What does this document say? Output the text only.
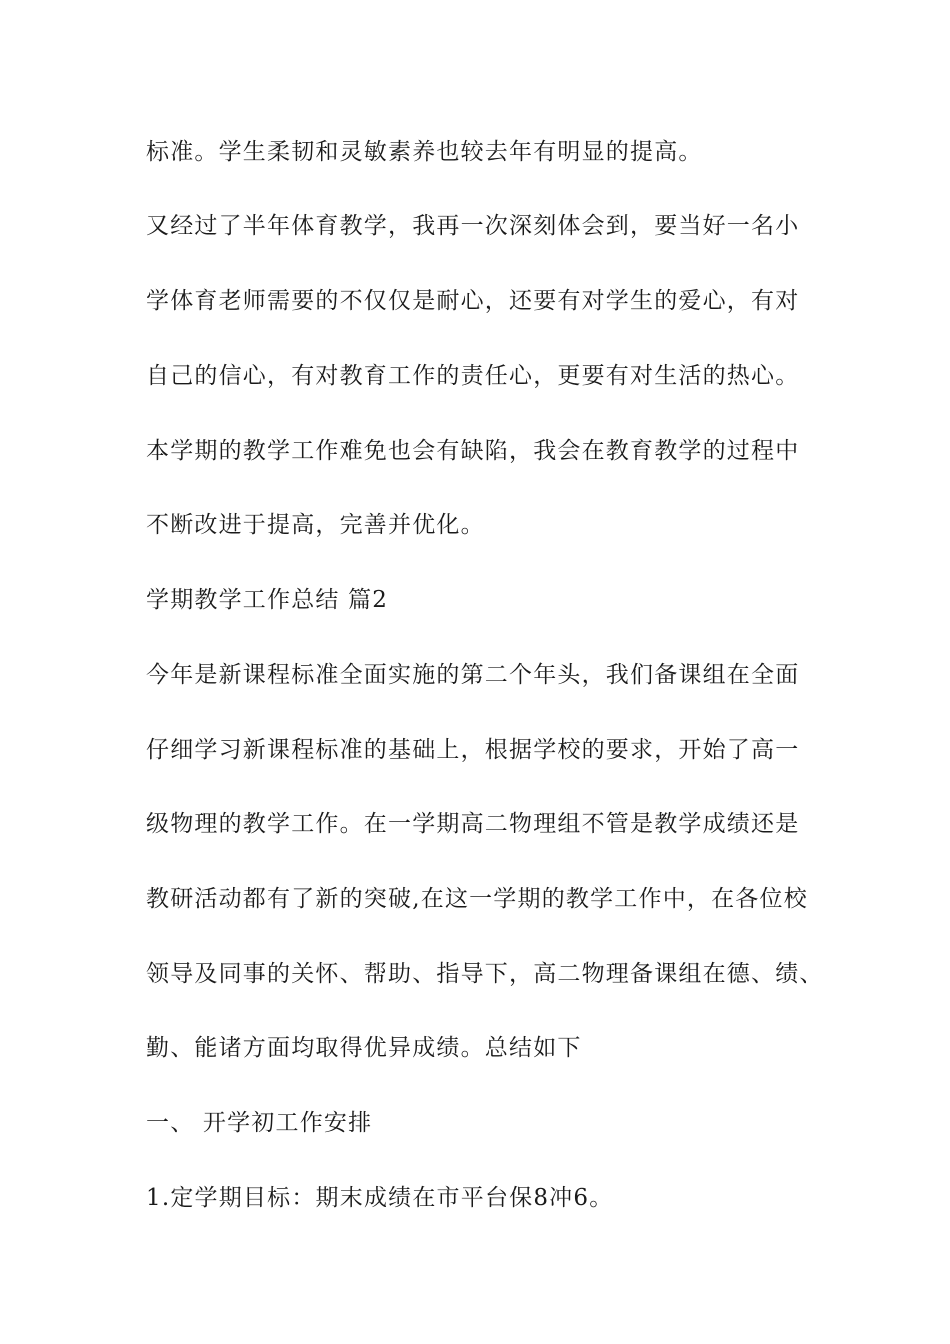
标准。学生柔韧和灵敏素养也较去年有明显的提高。
又经过了半年体育教学，我再一次深刻体会到，要当好一名小
学体育老师需要的不仅仅是耐心，还要有对学生的爱心，有对
自己的信心，有对教育工作的责任心，更要有对生活的热心。
本学期的教学工作难免也会有缺陷，我会在教育教学的过程中
不断改进于提高，完善并优化。
学期教学工作总结 篇2
今年是新课程标准全面实施的第二个年头，我们备课组在全面
仔细学习新课程标准的基础上，根据学校的要求，开始了高一
级物理的教学工作。在一学期高二物理组不管是教学成绩还是
教研活动都有了新的突破,在这一学期的教学工作中，在各位校
领导及同事的关怀、帮助、指导下，高二物理备课组在德、绩、
勤、能诸方面均取得优异成绩。总结如下
一、 开学初工作安排
1.定学期目标：期末成绩在市平台保8冲6。
